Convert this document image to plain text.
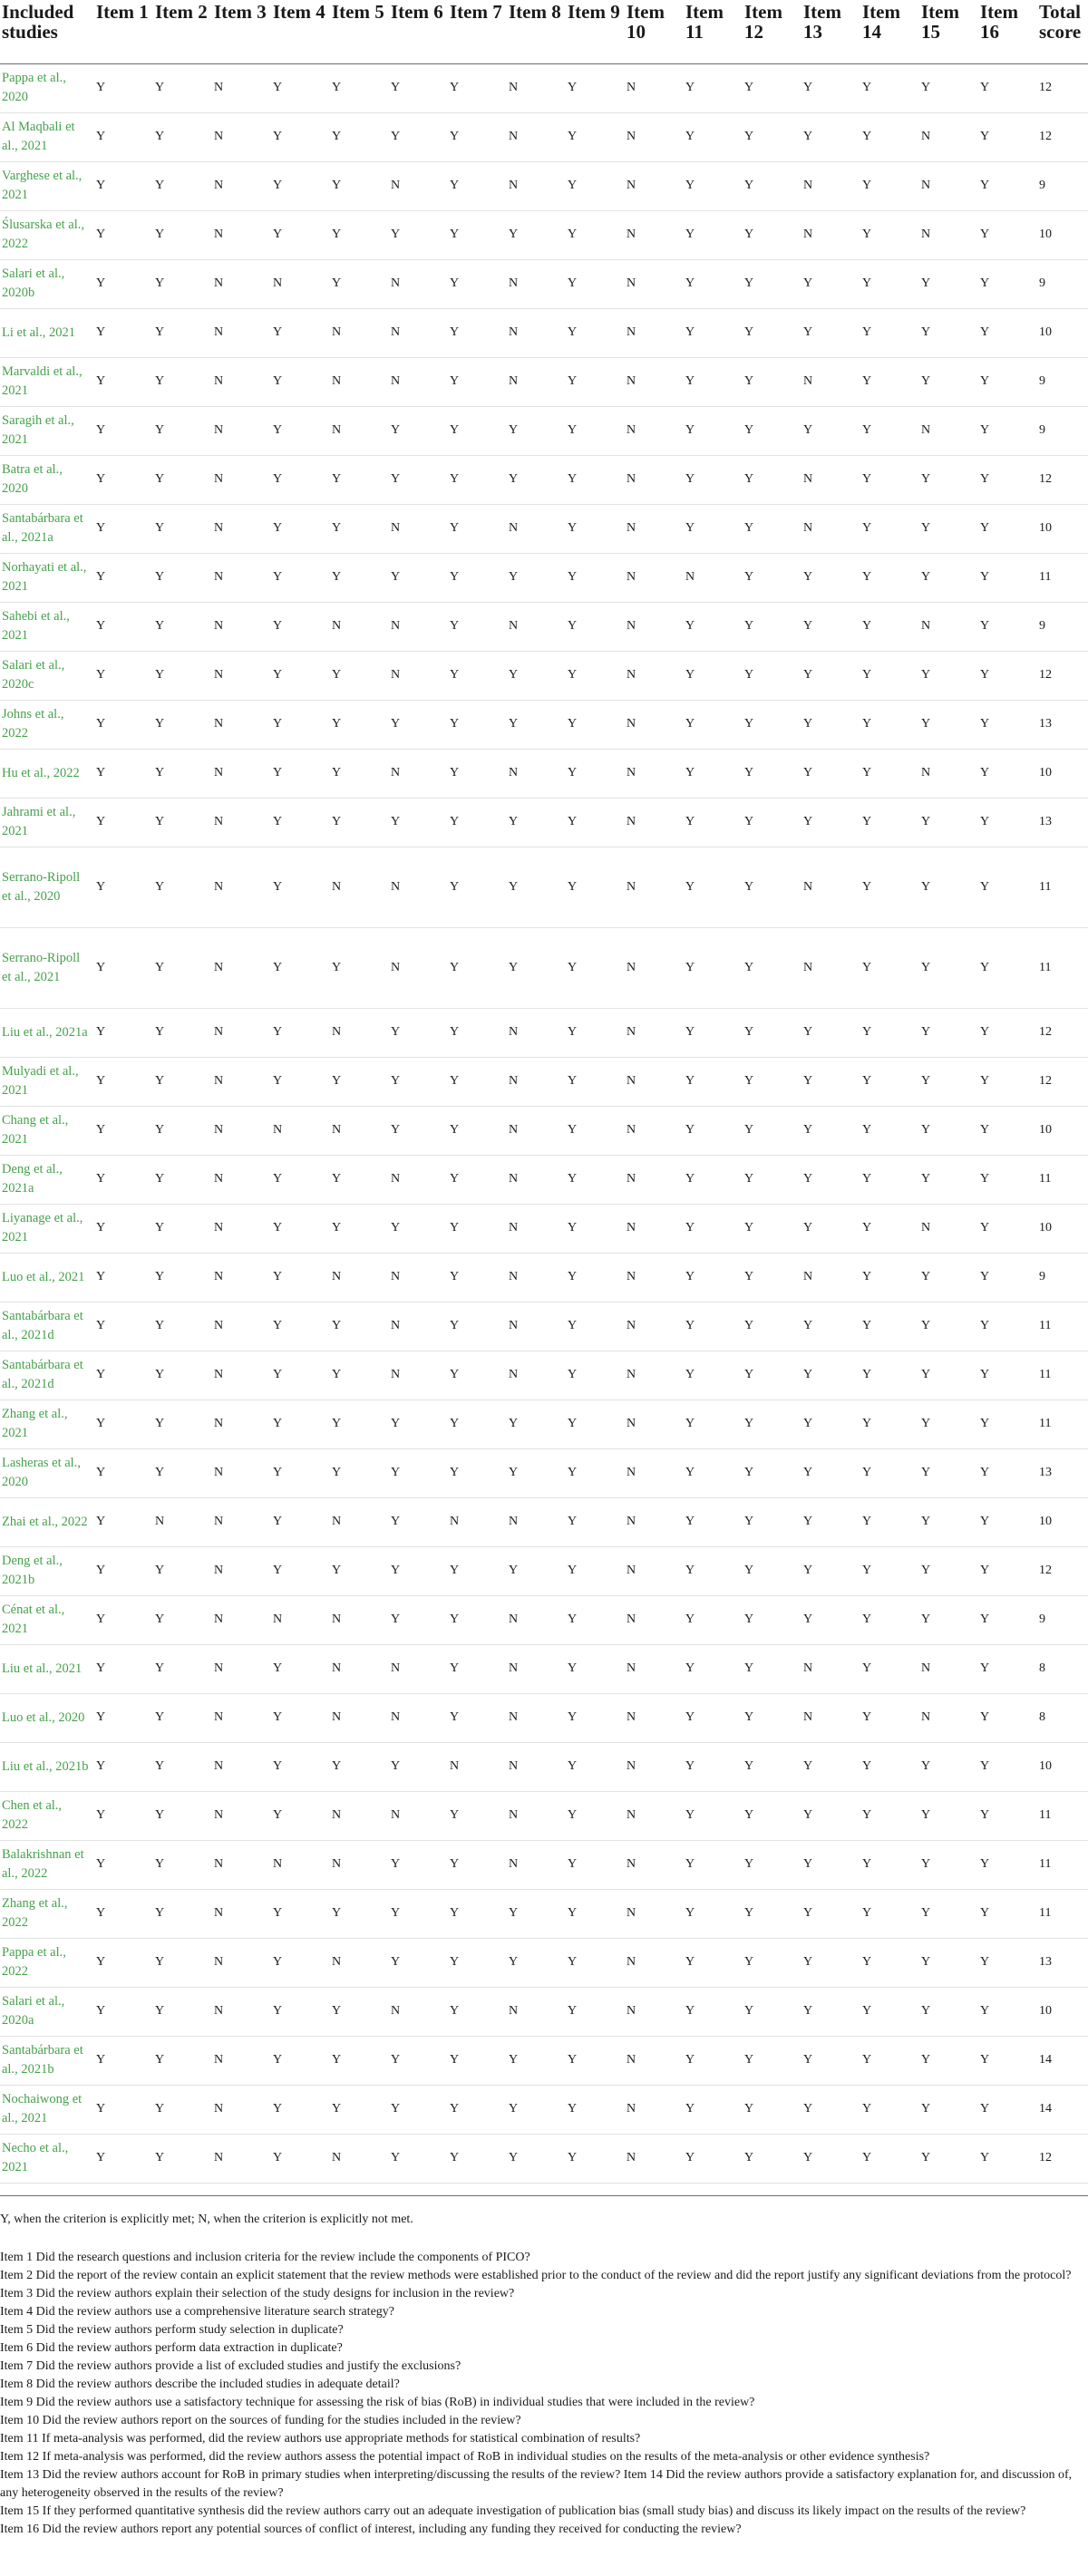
Included studies	Item 1	Item 2	Item 3	Item 4	Item 5	Item 6	Item 7	Item 8	Item 9	Item 10	Item 11	Item 12	Item 13	Item 14	Item 15	Item 16	Total score
Pappa et al., 2020	Y	Y	N	Y	Y	Y	Y	N	Y	N	Y	Y	Y	Y	Y	Y	12
Al Maqbali et al., 2021	Y	Y	N	Y	Y	Y	Y	N	Y	N	Y	Y	Y	Y	N	Y	12
Varghese et al., 2021	Y	Y	N	Y	Y	N	Y	N	Y	N	Y	Y	N	Y	N	Y	9
Ślusarska et al., 2022	Y	Y	N	Y	Y	Y	Y	Y	Y	N	Y	Y	N	Y	N	Y	10
Salari et al., 2020b	Y	Y	N	N	Y	N	Y	N	Y	N	Y	Y	Y	Y	Y	Y	9
Li et al., 2021	Y	Y	N	Y	N	N	Y	N	Y	N	Y	Y	Y	Y	Y	Y	10
Marvaldi et al., 2021	Y	Y	N	Y	N	N	Y	N	Y	N	Y	Y	N	Y	Y	Y	9
Saragih et al., 2021	Y	Y	N	Y	N	Y	Y	Y	Y	N	Y	Y	Y	Y	N	Y	9
Batra et al., 2020	Y	Y	N	Y	Y	Y	Y	Y	Y	N	Y	Y	N	Y	Y	Y	12
Santabárbara et al., 2021a	Y	Y	N	Y	Y	N	Y	N	Y	N	Y	Y	N	Y	Y	Y	10
Norhayati et al., 2021	Y	Y	N	Y	Y	Y	Y	Y	Y	N	N	Y	Y	Y	Y	Y	11
Sahebi et al., 2021	Y	Y	N	Y	N	N	Y	N	Y	N	Y	Y	Y	Y	N	Y	9
Salari et al., 2020c	Y	Y	N	Y	Y	N	Y	Y	Y	N	Y	Y	Y	Y	Y	Y	12
Johns et al., 2022	Y	Y	N	Y	Y	Y	Y	Y	Y	N	Y	Y	Y	Y	Y	Y	13
Hu et al., 2022	Y	Y	N	Y	Y	N	Y	N	Y	N	Y	Y	Y	Y	N	Y	10
Jahrami et al., 2021	Y	Y	N	Y	Y	Y	Y	Y	Y	N	Y	Y	Y	Y	Y	Y	13
Serrano-Ripoll et al., 2020	Y	Y	N	Y	N	N	Y	Y	Y	N	Y	Y	N	Y	Y	Y	11
Serrano-Ripoll et al., 2021	Y	Y	N	Y	Y	N	Y	Y	Y	N	Y	Y	N	Y	Y	Y	11
Liu et al., 2021a	Y	Y	N	Y	N	Y	Y	N	Y	N	Y	Y	Y	Y	Y	Y	12
Mulyadi et al., 2021	Y	Y	N	Y	Y	Y	Y	N	Y	N	Y	Y	Y	Y	Y	Y	12
Chang et al., 2021	Y	Y	N	N	N	Y	Y	N	Y	N	Y	Y	Y	Y	Y	Y	10
Deng et al., 2021a	Y	Y	N	Y	Y	N	Y	N	Y	N	Y	Y	Y	Y	Y	Y	11
Liyanage et al., 2021	Y	Y	N	Y	Y	Y	Y	N	Y	N	Y	Y	Y	Y	N	Y	10
Luo et al., 2021	Y	Y	N	Y	N	N	Y	N	Y	N	Y	Y	N	Y	Y	Y	9
Santabárbara et al., 2021d	Y	Y	N	Y	Y	N	Y	N	Y	N	Y	Y	Y	Y	Y	Y	11
Santabárbara et al., 2021d	Y	Y	N	Y	Y	N	Y	N	Y	N	Y	Y	Y	Y	Y	Y	11
Zhang et al., 2021	Y	Y	N	Y	Y	Y	Y	Y	Y	N	Y	Y	Y	Y	Y	Y	11
Lasheras et al., 2020	Y	Y	N	Y	Y	Y	Y	Y	Y	N	Y	Y	Y	Y	Y	Y	13
Zhai et al., 2022	Y	N	N	Y	N	Y	N	N	Y	N	Y	Y	Y	Y	Y	Y	10
Deng et al., 2021b	Y	Y	N	Y	Y	Y	Y	Y	Y	N	Y	Y	Y	Y	Y	Y	12
Cénat et al., 2021	Y	Y	N	N	N	Y	Y	N	Y	N	Y	Y	Y	Y	Y	Y	9
Liu et al., 2021	Y	Y	N	Y	N	N	Y	N	Y	N	Y	Y	N	Y	N	Y	8
Luo et al., 2020	Y	Y	N	Y	N	N	Y	N	Y	N	Y	Y	N	Y	N	Y	8
Liu et al., 2021b	Y	Y	N	Y	Y	Y	N	N	Y	N	Y	Y	Y	Y	Y	Y	10
Chen et al., 2022	Y	Y	N	Y	N	N	Y	N	Y	N	Y	Y	Y	Y	Y	Y	11
Balakrishnan et al., 2022	Y	Y	N	N	N	Y	Y	N	Y	N	Y	Y	Y	Y	Y	Y	11
Zhang et al., 2022	Y	Y	N	Y	Y	Y	Y	Y	Y	N	Y	Y	Y	Y	Y	Y	11
Pappa et al., 2022	Y	Y	N	Y	N	Y	Y	Y	Y	N	Y	Y	Y	Y	Y	Y	13
Salari et al., 2020a	Y	Y	N	Y	Y	N	Y	N	Y	N	Y	Y	Y	Y	Y	Y	10
Santabárbara et al., 2021b	Y	Y	N	Y	Y	Y	Y	Y	Y	N	Y	Y	Y	Y	Y	Y	14
Nochaiwong et al., 2021	Y	Y	N	Y	Y	Y	Y	Y	Y	N	Y	Y	Y	Y	Y	Y	14
Necho et al., 2021	Y	Y	N	Y	N	Y	Y	Y	Y	N	Y	Y	Y	Y	Y	Y	12

Y, when the criterion is explicitly met; N, when the criterion is explicitly not met.

Item 1 Did the research questions and inclusion criteria for the review include the components of PICO?

Item 2 Did the report of the review contain an explicit statement that the review methods were established prior to the conduct of the review and did the report justify any significant deviations from the protocol?

Item 3 Did the review authors explain their selection of the study designs for inclusion in the review?

Item 4 Did the review authors use a comprehensive literature search strategy?

Item 5 Did the review authors perform study selection in duplicate?

Item 6 Did the review authors perform data extraction in duplicate?

Item 7 Did the review authors provide a list of excluded studies and justify the exclusions?

Item 8 Did the review authors describe the included studies in adequate detail?

Item 9 Did the review authors use a satisfactory technique for assessing the risk of bias (RoB) in individual studies that were included in the review?

Item 10 Did the review authors report on the sources of funding for the studies included in the review?

Item 11 If meta-analysis was performed, did the review authors use appropriate methods for statistical combination of results?

Item 12 If meta-analysis was performed, did the review authors assess the potential impact of RoB in individual studies on the results of the meta-analysis or other evidence synthesis?

Item 13 Did the review authors account for RoB in primary studies when interpreting/discussing the results of the review? Item 14 Did the review authors provide a satisfactory explanation for, and discussion of, any heterogeneity observed in the results of the review?

Item 15 If they performed quantitative synthesis did the review authors carry out an adequate investigation of publication bias (small study bias) and discuss its likely impact on the results of the review?

Item 16 Did the review authors report any potential sources of conflict of interest, including any funding they received for conducting the review?
